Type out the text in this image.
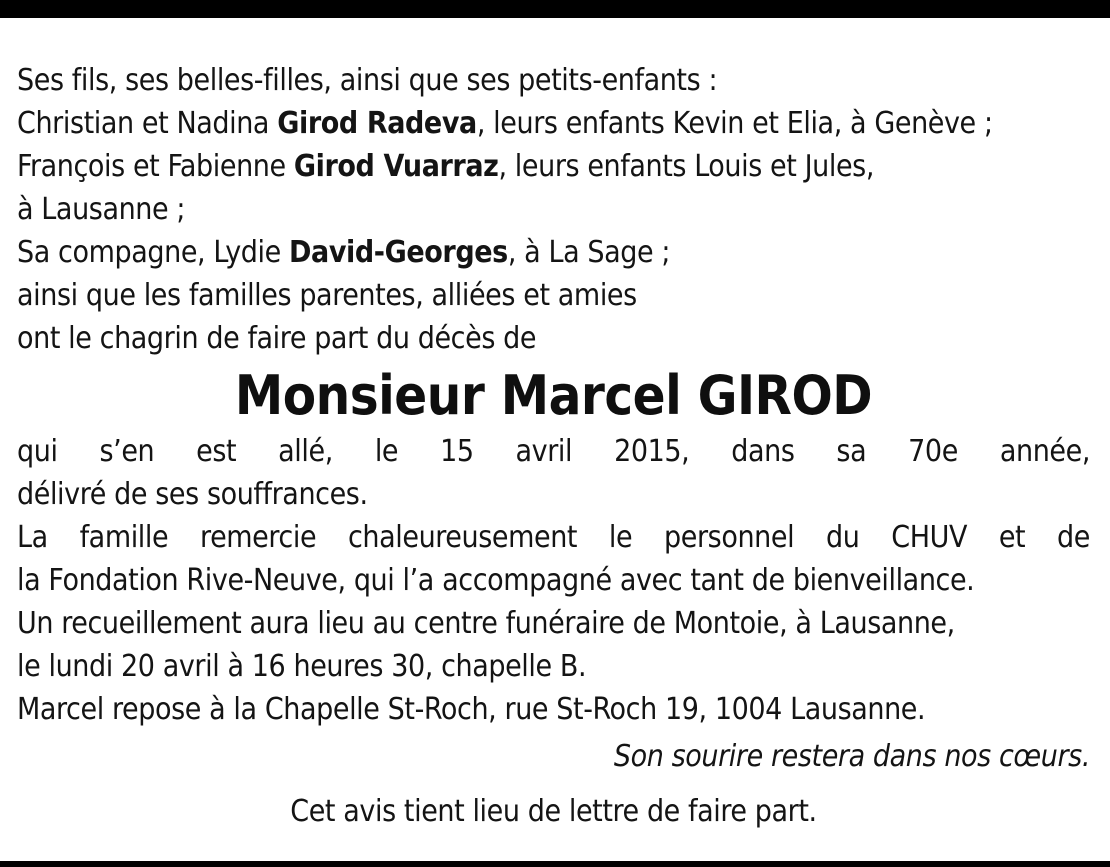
Ses fils, ses belles-filles, ainsi que ses petits-enfants :
Christian et Nadina Girod Radeva, leurs enfants Kevin et Elia, à Genève ;
François et Fabienne Girod Vuarraz, leurs enfants Louis et Jules,
à Lausanne ;
Sa compagne, Lydie David-Georges, à La Sage ;
ainsi que les familles parentes, alliées et amies
ont le chagrin de faire part du décès de
Monsieur Marcel GIROD
qui s’en est allé, le 15 avril 2015, dans sa 70e année,
délivré de ses souffrances.
La famille remercie chaleureusement le personnel du CHUV et de
la Fondation Rive-Neuve, qui l’a accompagné avec tant de bienveillance.
Un recueillement aura lieu au centre funéraire de Montoie, à Lausanne,
le lundi 20 avril à 16 heures 30, chapelle B.
Marcel repose à la Chapelle St-Roch, rue St-Roch 19, 1004 Lausanne.
Son sourire restera dans nos cœurs.
Cet avis tient lieu de lettre de faire part.
